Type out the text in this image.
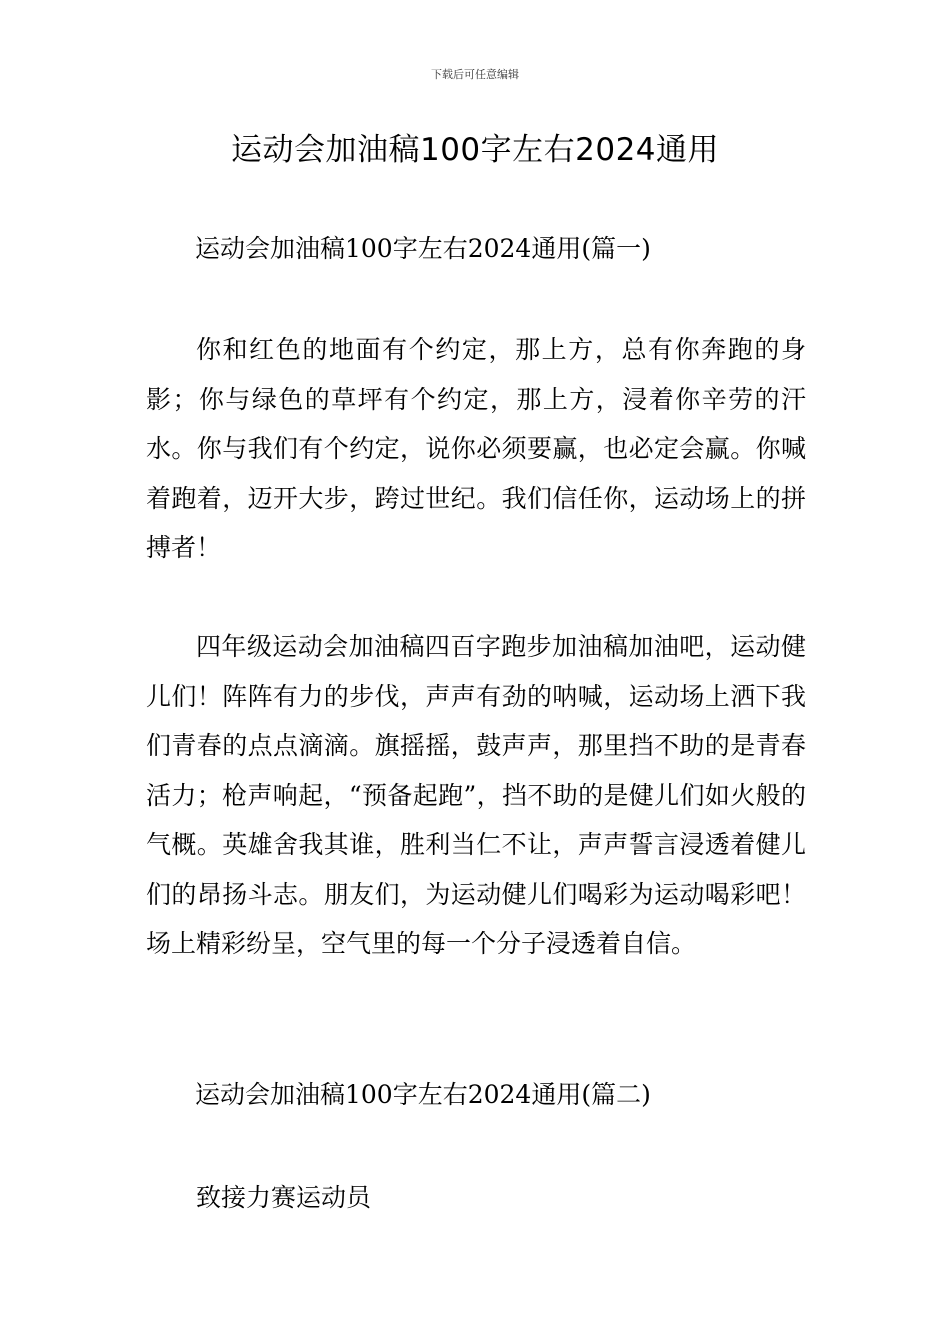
下载后可任意编辑
运动会加油稿100字左右2024通用

运动会加油稿100字左右2024通用(篇一)

你和红色的地面有个约定，那上方，总有你奔跑的身影；你与绿色的草坪有个约定，那上方，浸着你辛劳的汗水。你与我们有个约定，说你必须要赢，也必定会赢。你喊着跑着，迈开大步，跨过世纪。我们信任你，运动场上的拼搏者！

四年级运动会加油稿四百字跑步加油稿加油吧，运动健儿们！阵阵有力的步伐，声声有劲的呐喊，运动场上洒下我们青春的点点滴滴。旗摇摇，鼓声声，那里挡不助的是青春活力；枪声响起，“预备起跑”，挡不助的是健儿们如火般的气概。英雄舍我其谁，胜利当仁不让，声声誓言浸透着健儿们的昂扬斗志。朋友们，为运动健儿们喝彩为运动喝彩吧！场上精彩纷呈，空气里的每一个分子浸透着自信。

运动会加油稿100字左右2024通用(篇二)

致接力赛运动员
